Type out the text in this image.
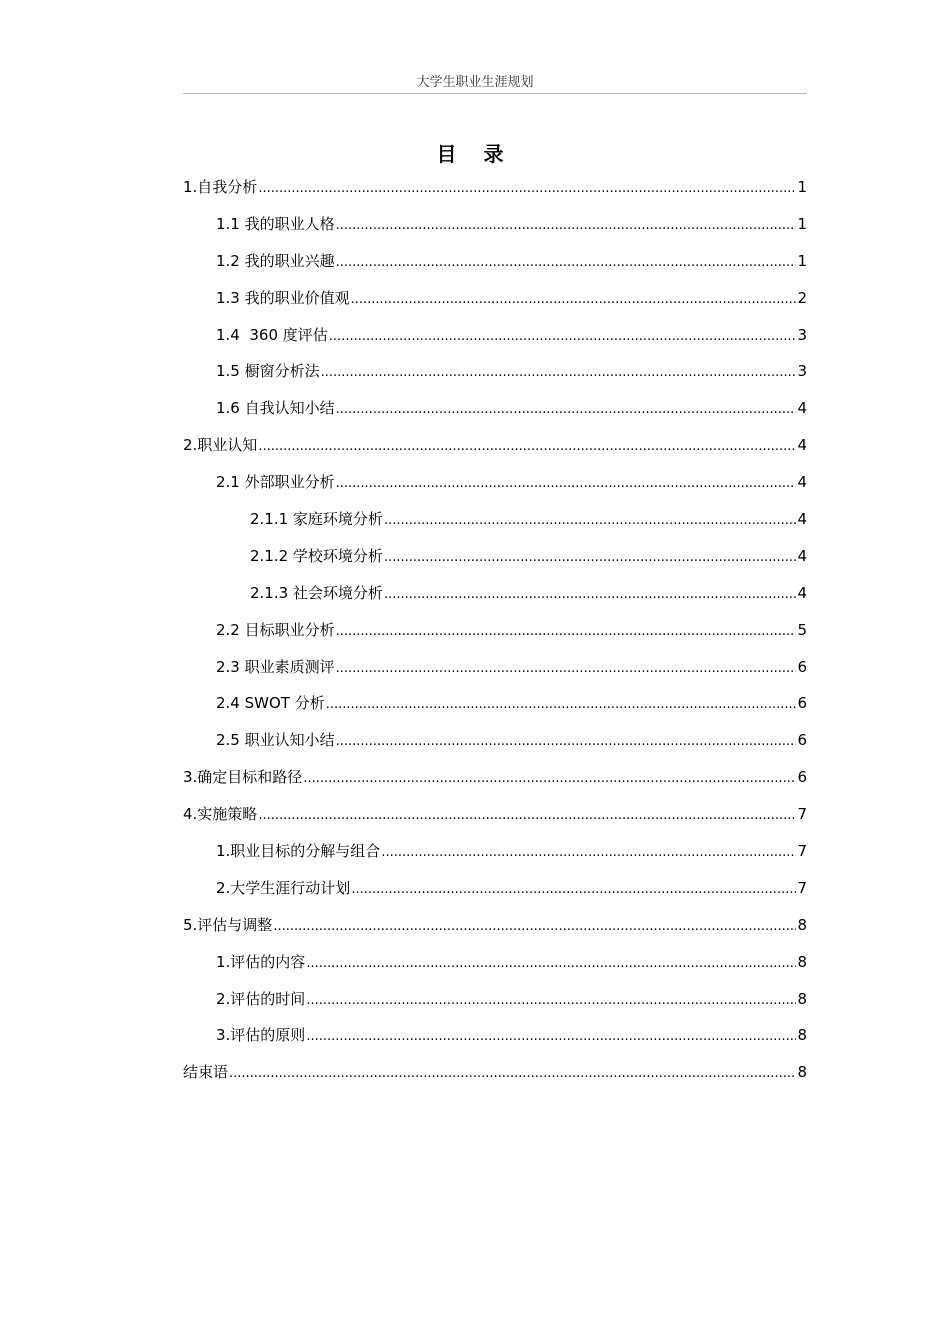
大学生职业生涯规划
目 录
1.自我分析 .....	1
1.1 我的职业人格 .....	1
1.2 我的职业兴趣 .....	1
1.3 我的职业价值观 .....	2
1.4  360 度评估 .....	3
1.5 橱窗分析法 .....	3
1.6 自我认知小结 .....	4
2.职业认知 .....	4
2.1 外部职业分析 .....	4
2.1.1 家庭环境分析 .....	4
2.1.2 学校环境分析 .....	4
2.1.3 社会环境分析 .....	4
2.2 目标职业分析 .....	5
2.3 职业素质测评 .....	6
2.4 SWOT 分析 .....	6
2.5 职业认知小结 .....	6
3.确定目标和路径 .....	6
4.实施策略 .....	7
1.职业目标的分解与组合 .....	7
2.大学生涯行动计划 .....	7
5.评估与调整 .....	8
1.评估的内容 .....	8
2.评估的时间 .....	8
3.评估的原则 .....	8
结束语 .....	8
